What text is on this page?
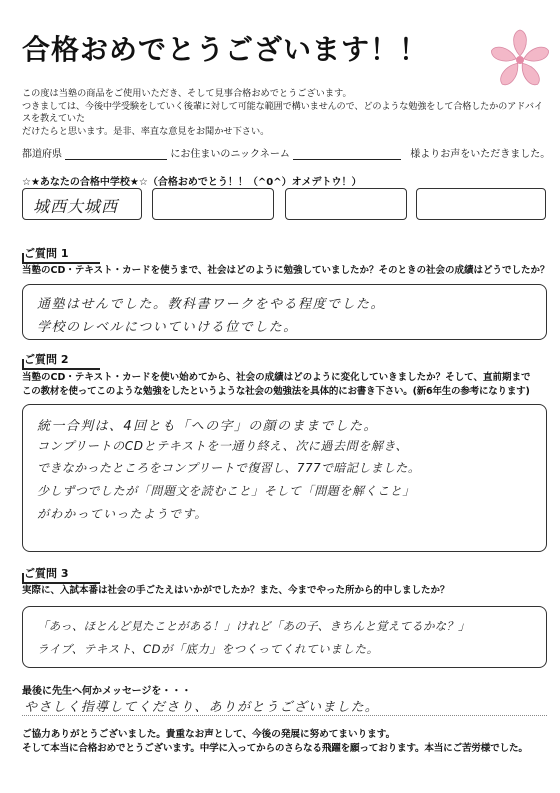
合格おめでとうございます！！
この度は当塾の商品をご使用いただき、そして見事合格おめでとうございます。
つきましては、今後中学受験をしていく後輩に対して可能な範囲で構いませんので、どのような勉強をして合格したかのアドバイスを教えていた
だけたらと思います。是非、率直な意見をお聞かせ下さい。
都道府県	にお住まいのニックネーム	様よりお声をいただきました。
☆★あなたの合格中学校★☆（合格おめでとう！！（^0^）オメデトウ！）
城西大城西
ご質問 1
当塾のCD・テキスト・カードを使うまで、社会はどのように勉強していましたか？そのときの社会の成績はどうでしたか？
通塾はせんでした。教科書ワークをやる程度でした。
学校のレベルについていける位でした。
ご質問 2
当塾のCD・テキスト・カードを使い始めてから、社会の成績はどのように変化していきましたか？そして、直前期まで
この教材を使ってこのような勉強をしたというような社会の勉強法を具体的にお書き下さい。(新6年生の参考になります)
統一合判は、4回とも「への字」の顔のままでした。
コンプリートのCDとテキストを一通り終え、次に過去問を解き、
できなかったところをコンプリートで復習し、777で暗記しました。
少しずつでしたが「問題文を読むこと」そして「問題を解くこと」
がわかっていったようです。
ご質問 3
実際に、入試本番は社会の手ごたえはいかがでしたか？また、今までやった所から的中しましたか？
「あっ、ほとんど見たことがある！」けれど「あの子、きちんと覚えてるかな？」
ライブ、テキスト、CDが「底力」をつくってくれていました。
最後に先生へ何かメッセージを・・・
やさしく指導してくださり、ありがとうございました。
ご協力ありがとうございました。貴重なお声として、今後の発展に努めてまいります。
そして本当に合格おめでとうございます。中学に入ってからのさらなる飛躍を願っております。本当にご苦労様でした。
